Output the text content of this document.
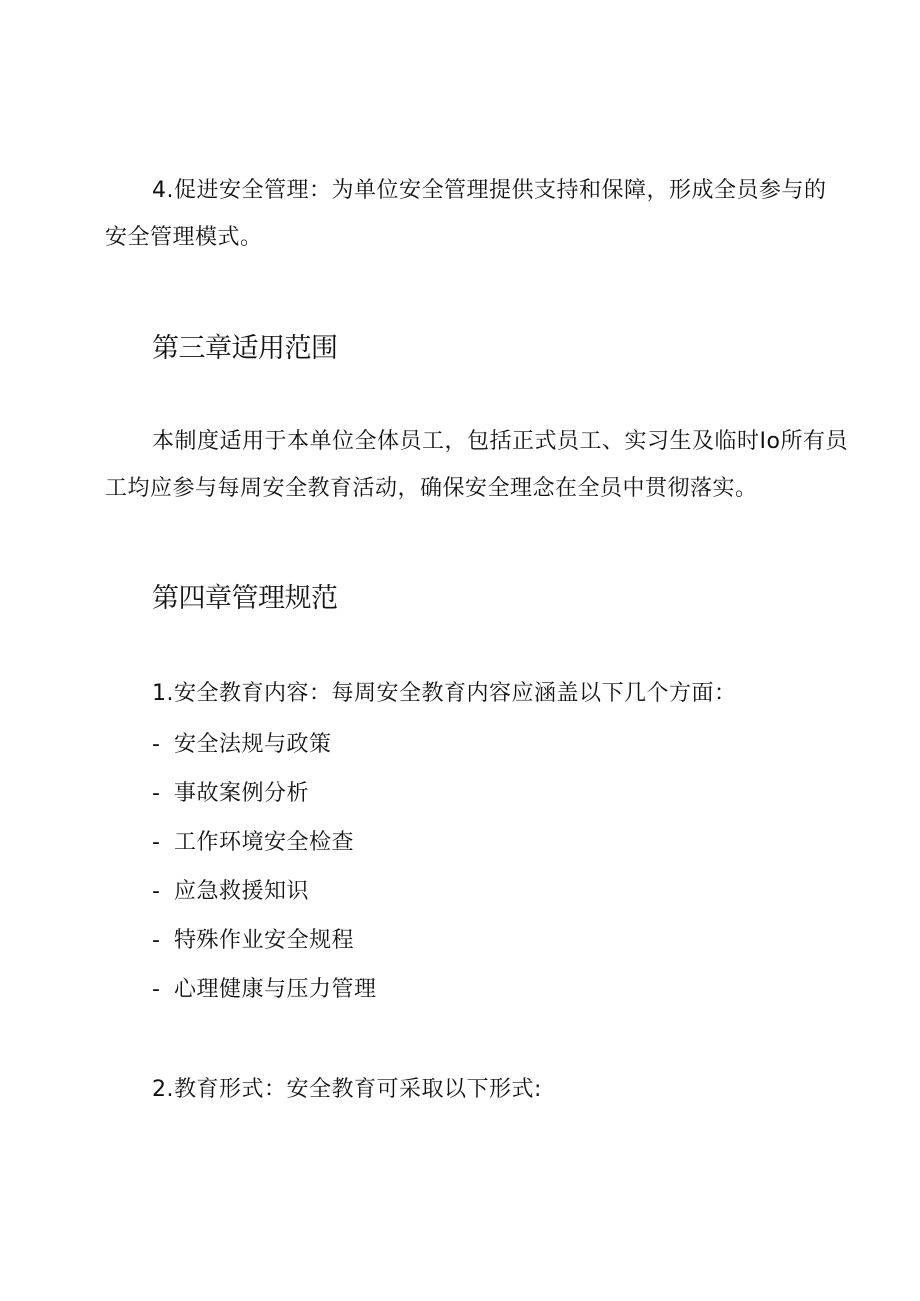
4.促进安全管理：为单位安全管理提供支持和保障，形成全员参与的
安全管理模式。
第三章适用范围
本制度适用于本单位全体员工，包括正式员工、实习生及临时Io所有员
工均应参与每周安全教育活动，确保安全理念在全员中贯彻落实。
第四章管理规范
1.安全教育内容：每周安全教育内容应涵盖以下几个方面：
- 安全法规与政策
- 事故案例分析
- 工作环境安全检查
- 应急救援知识
- 特殊作业安全规程
- 心理健康与压力管理
2.教育形式：安全教育可采取以下形式:
